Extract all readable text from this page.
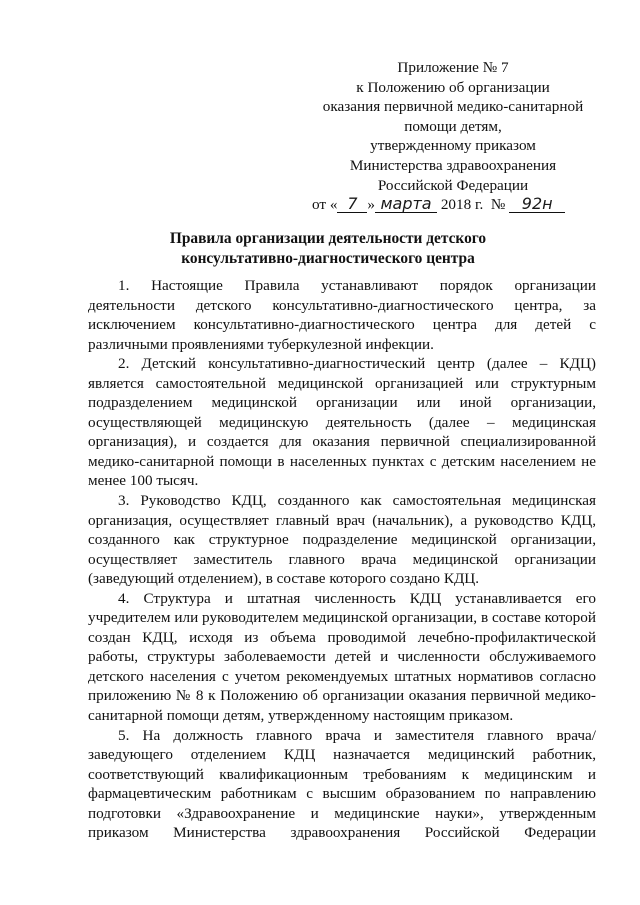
Приложение № 7
к Положению об организации
оказания первичной медико-санитарной
помощи детям,
утвержденному приказом
Министерства здравоохранения
Российской Федерации
от « 7 » марта 2018 г. № 92н
Правила организации деятельности детского
консультативно-диагностического центра

1. Настоящие Правила устанавливают порядок организации деятельности детского консультативно-диагностического центра, за исключением консультативно-диагностического центра для детей с различными проявлениями туберкулезной инфекции.

2. Детский консультативно-диагностический центр (далее – КДЦ) является самостоятельной медицинской организацией или структурным подразделением медицинской организации или иной организации, осуществляющей медицинскую деятельность (далее – медицинская организация), и создается для оказания первичной специализированной медико-санитарной помощи в населенных пунктах с детским населением не менее 100 тысяч.

3. Руководство КДЦ, созданного как самостоятельная медицинская организация, осуществляет главный врач (начальник), а руководство КДЦ, созданного как структурное подразделение медицинской организации, осуществляет заместитель главного врача медицинской организации (заведующий отделением), в составе которого создано КДЦ.

4. Структура и штатная численность КДЦ устанавливается его учредителем или руководителем медицинской организации, в составе которой создан КДЦ, исходя из объема проводимой лечебно-профилактической работы, структуры заболеваемости детей и численности обслуживаемого детского населения с учетом рекомендуемых штатных нормативов согласно приложению № 8 к Положению об организации оказания первичной медико-санитарной помощи детям, утвержденному настоящим приказом.

5. На должность главного врача и заместителя главного врача/заведующего отделением КДЦ назначается медицинский работник, соответствующий квалификационным требованиям к медицинским и фармацевтическим работникам с высшим образованием по направлению подготовки «Здравоохранение и медицинские науки», утвержденным приказом Министерства здравоохранения Российской Федерации
